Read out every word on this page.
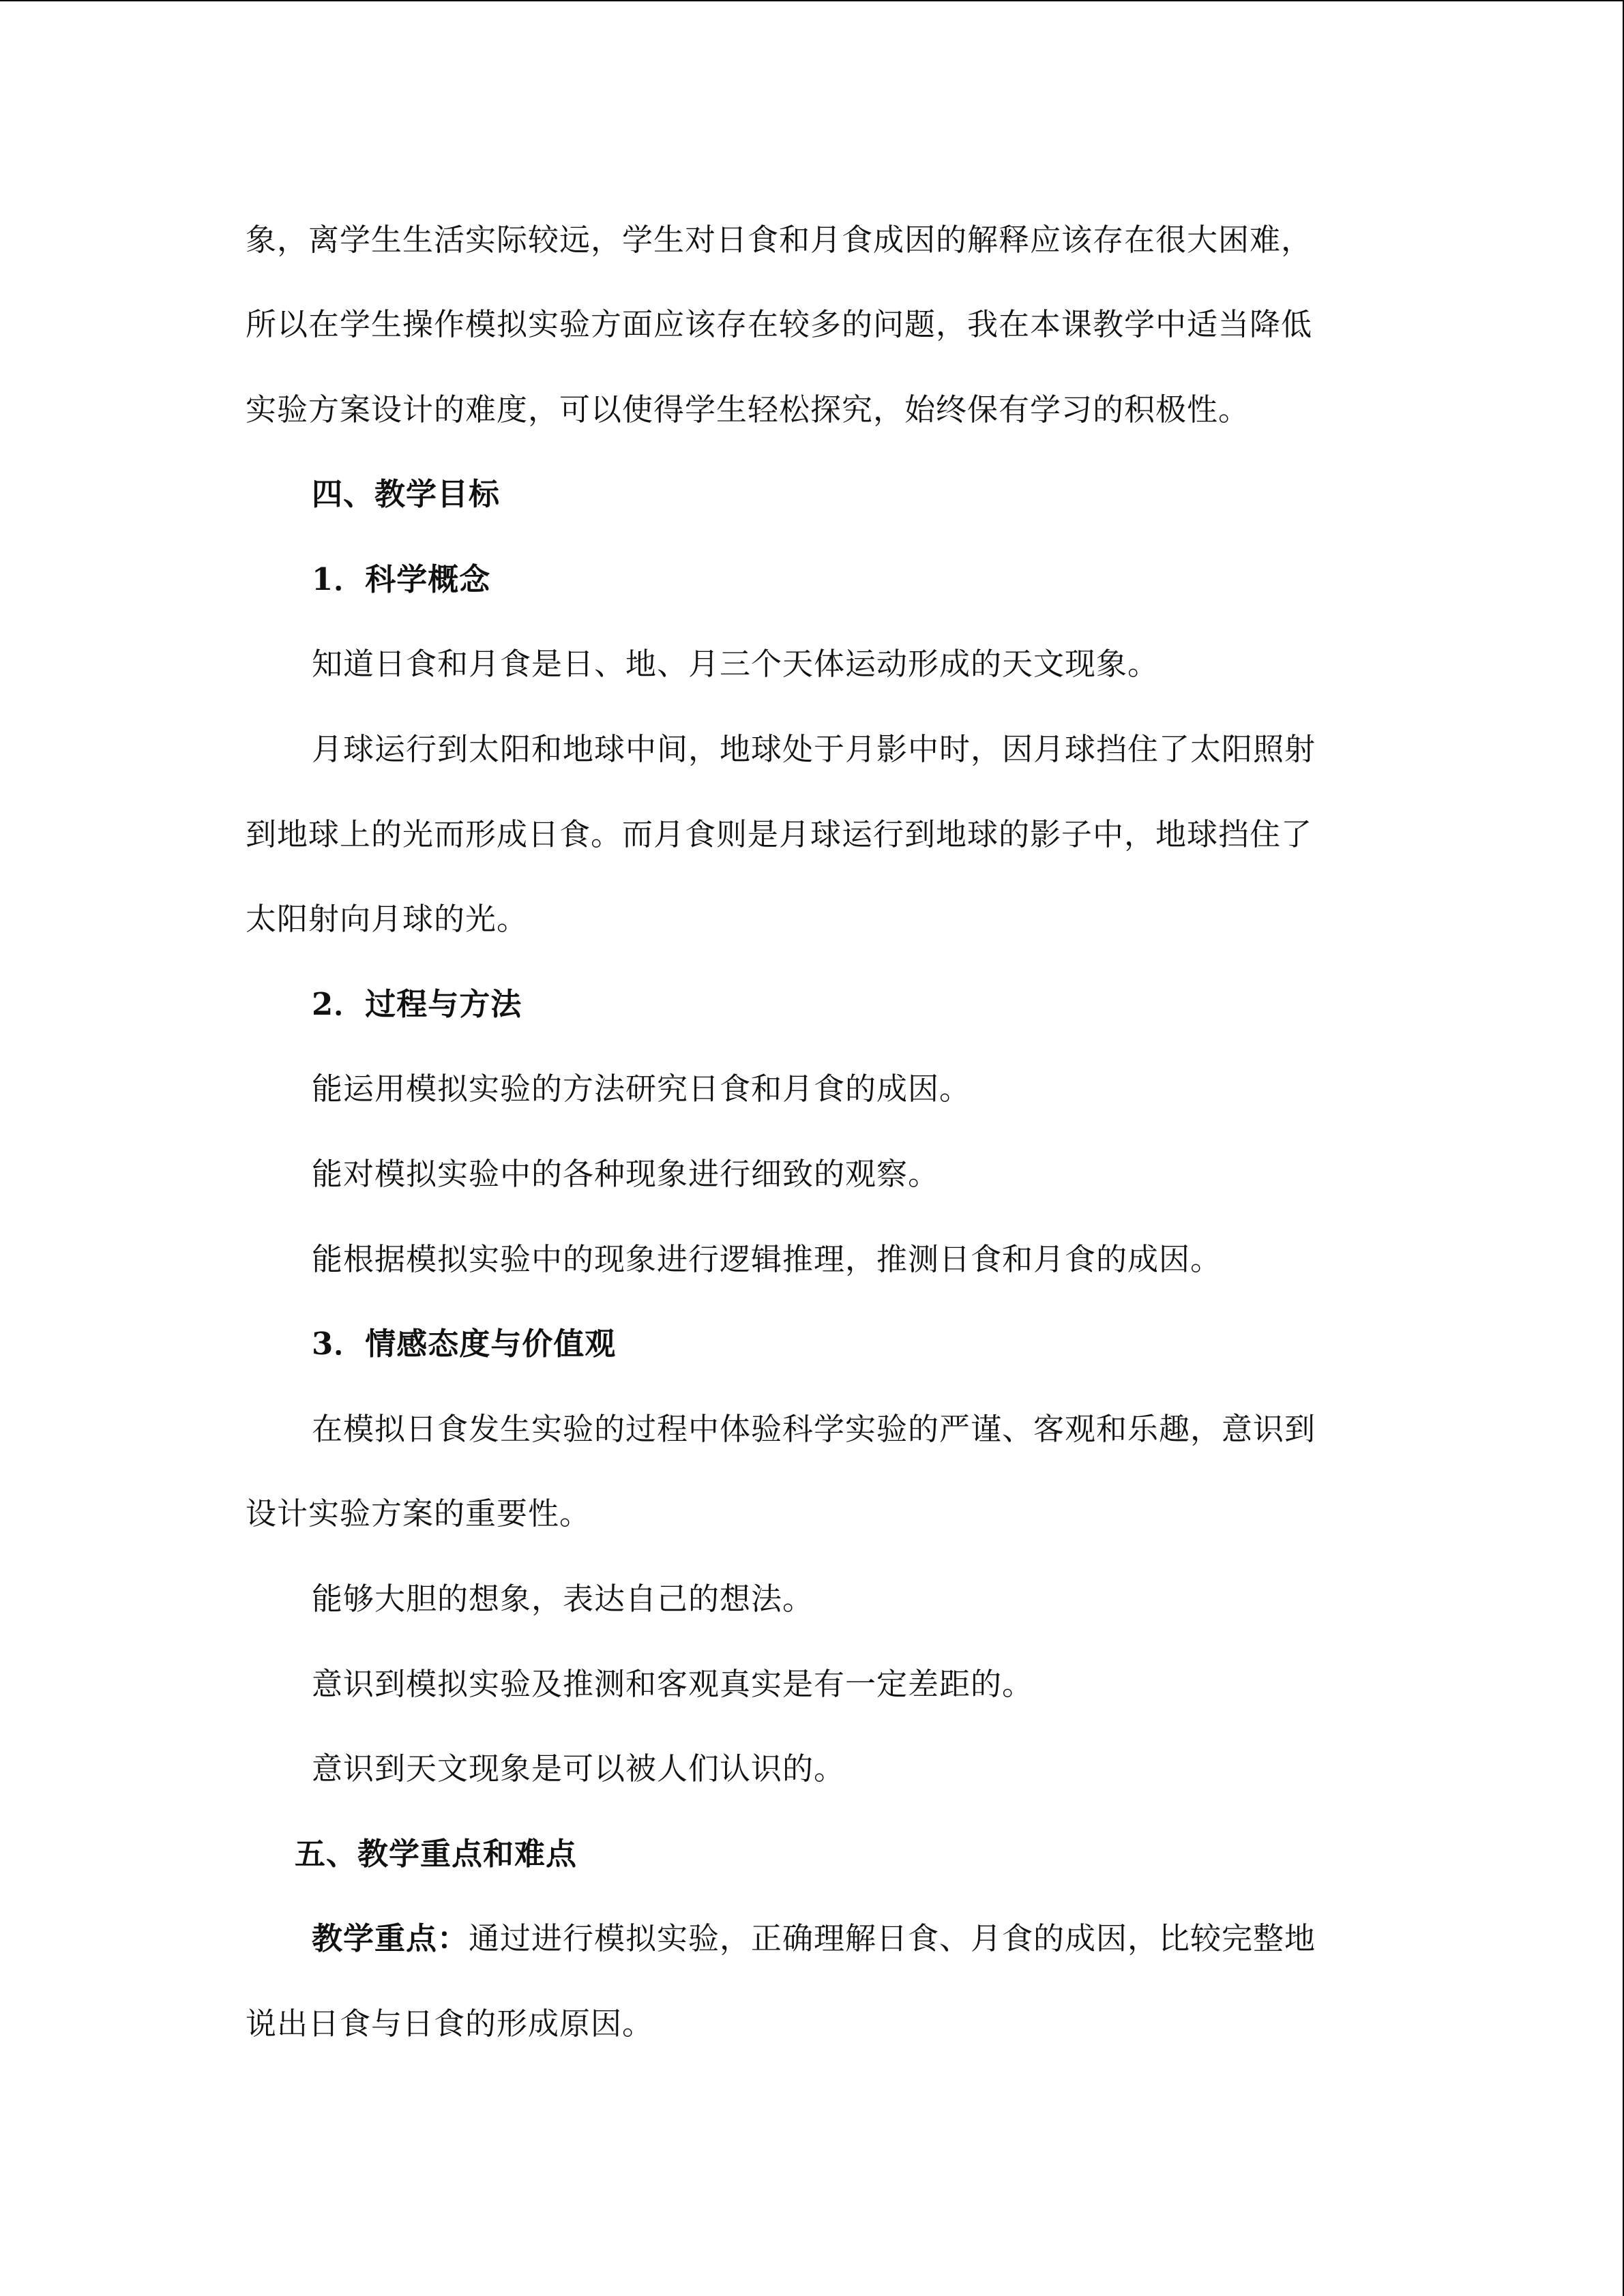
象，离学生生活实际较远，学生对日食和月食成因的解释应该存在很大困难，
所以在学生操作模拟实验方面应该存在较多的问题，我在本课教学中适当降低
实验方案设计的难度，可以使得学生轻松探究，始终保有学习的积极性。
四、教学目标
1．科学概念
知道日食和月食是日、地、月三个天体运动形成的天文现象。
月球运行到太阳和地球中间，地球处于月影中时，因月球挡住了太阳照射
到地球上的光而形成日食。而月食则是月球运行到地球的影子中，地球挡住了
太阳射向月球的光。
2．过程与方法
能运用模拟实验的方法研究日食和月食的成因。
能对模拟实验中的各种现象进行细致的观察。
能根据模拟实验中的现象进行逻辑推理，推测日食和月食的成因。
3．情感态度与价值观
在模拟日食发生实验的过程中体验科学实验的严谨、客观和乐趣，意识到
设计实验方案的重要性。
能够大胆的想象，表达自己的想法。
意识到模拟实验及推测和客观真实是有一定差距的。
意识到天文现象是可以被人们认识的。
五、教学重点和难点
教学重点：通过进行模拟实验，正确理解日食、月食的成因，比较完整地
说出日食与日食的形成原因。
